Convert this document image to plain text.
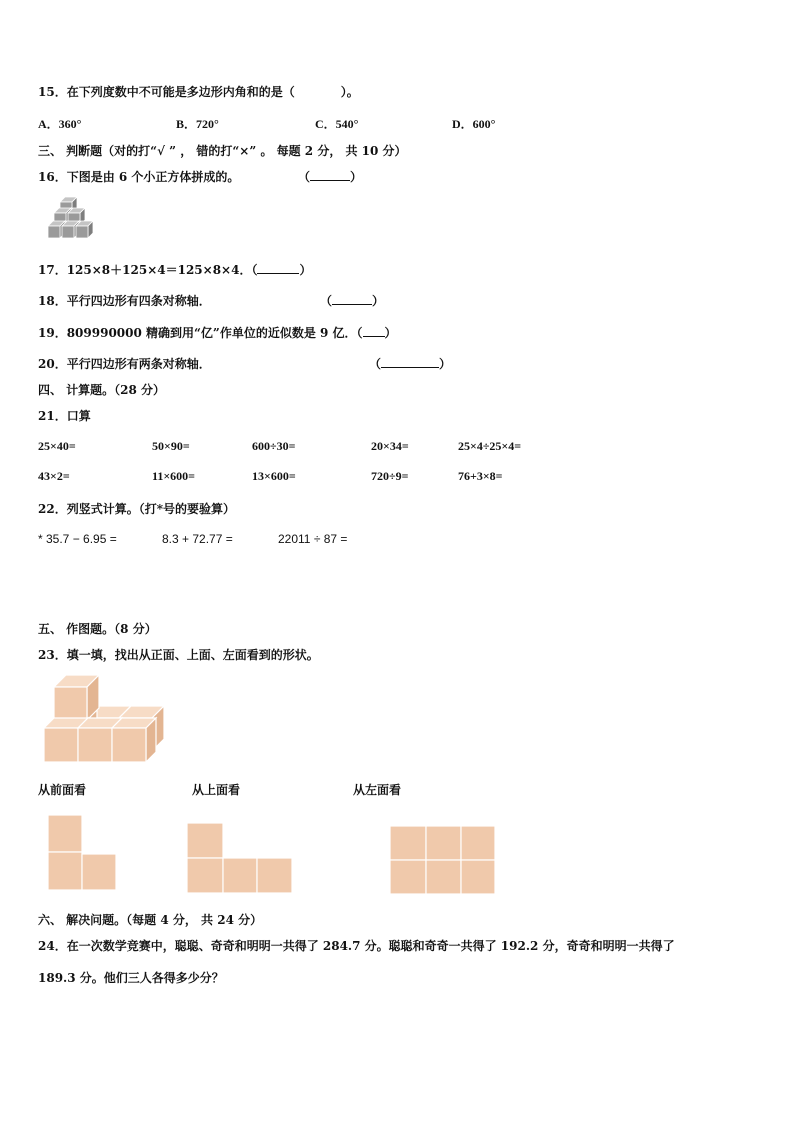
15．在下列度数中不可能是多边形内角和的是（	）。
A．360°	B．720°	C．540°	D．600°
三、 判断题（对的打“√ ” ， 错的打“×” 。 每题 2 分， 共 10 分）
16．下图是由 6 个小正方体拼成的。	（	）
17．125×8＋125×4＝125×8×4．（	）
18．平行四边形有四条对称轴．	（	）
19．809990000 精确到用“亿”作单位的近似数是 9 亿．（ ）
20．平行四边形有两条对称轴．	（	）
四、 计算题。（28 分）
21．口算
25×40=	50×90=	600÷30=	20×34=	25×4÷25×4=
43×2=	11×600=	13×600=	720÷9=	76+3×8=
22．列竖式计算。（打*号的要验算）
* 35.7 − 6.95 =	8.3 + 72.77 =	22011 ÷ 87 =
五、 作图题。（8 分）
23．填一填，找出从正面、上面、左面看到的形状。
从前面看	从上面看	从左面看
六、 解决问题。（每题 4 分， 共 24 分）
24．在一次数学竞赛中，聪聪、奇奇和明明一共得了 284.7 分。聪聪和奇奇一共得了 192.2 分，奇奇和明明一共得了
189.3 分。他们三人各得多少分？
